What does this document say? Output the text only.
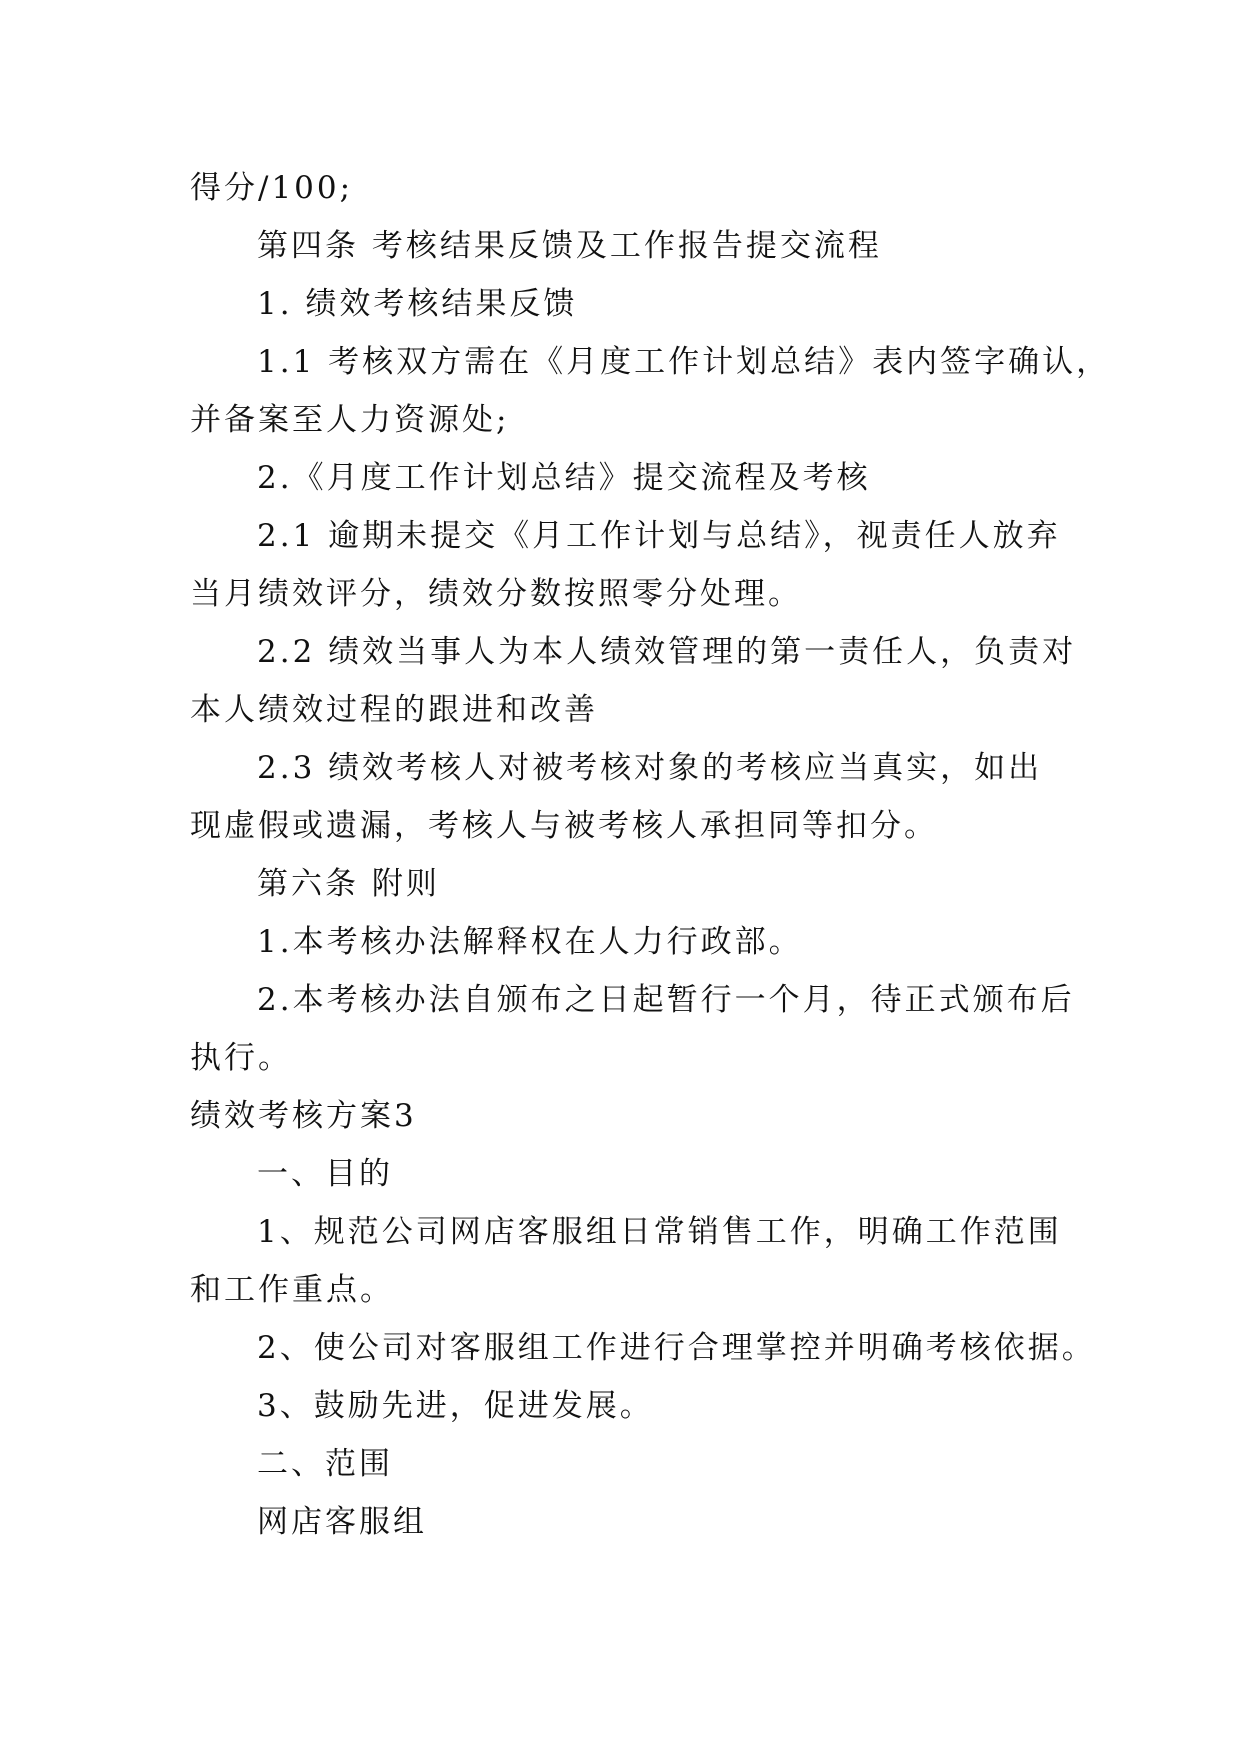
得分/100;
第四条 考核结果反馈及工作报告提交流程
1. 绩效考核结果反馈
1.1 考核双方需在《月度工作计划总结》表内签字确认，
并备案至人力资源处;
2.《月度工作计划总结》提交流程及考核
2.1 逾期未提交《月工作计划与总结》，视责任人放弃
当月绩效评分，绩效分数按照零分处理。
2.2 绩效当事人为本人绩效管理的第一责任人，负责对
本人绩效过程的跟进和改善
2.3 绩效考核人对被考核对象的考核应当真实，如出
现虚假或遗漏，考核人与被考核人承担同等扣分。
第六条 附则
1.本考核办法解释权在人力行政部。
2.本考核办法自颁布之日起暂行一个月，待正式颁布后
执行。
绩效考核方案3
一、目的
1、规范公司网店客服组日常销售工作，明确工作范围
和工作重点。
2、使公司对客服组工作进行合理掌控并明确考核依据。
3、鼓励先进，促进发展。
二、范围
网店客服组
